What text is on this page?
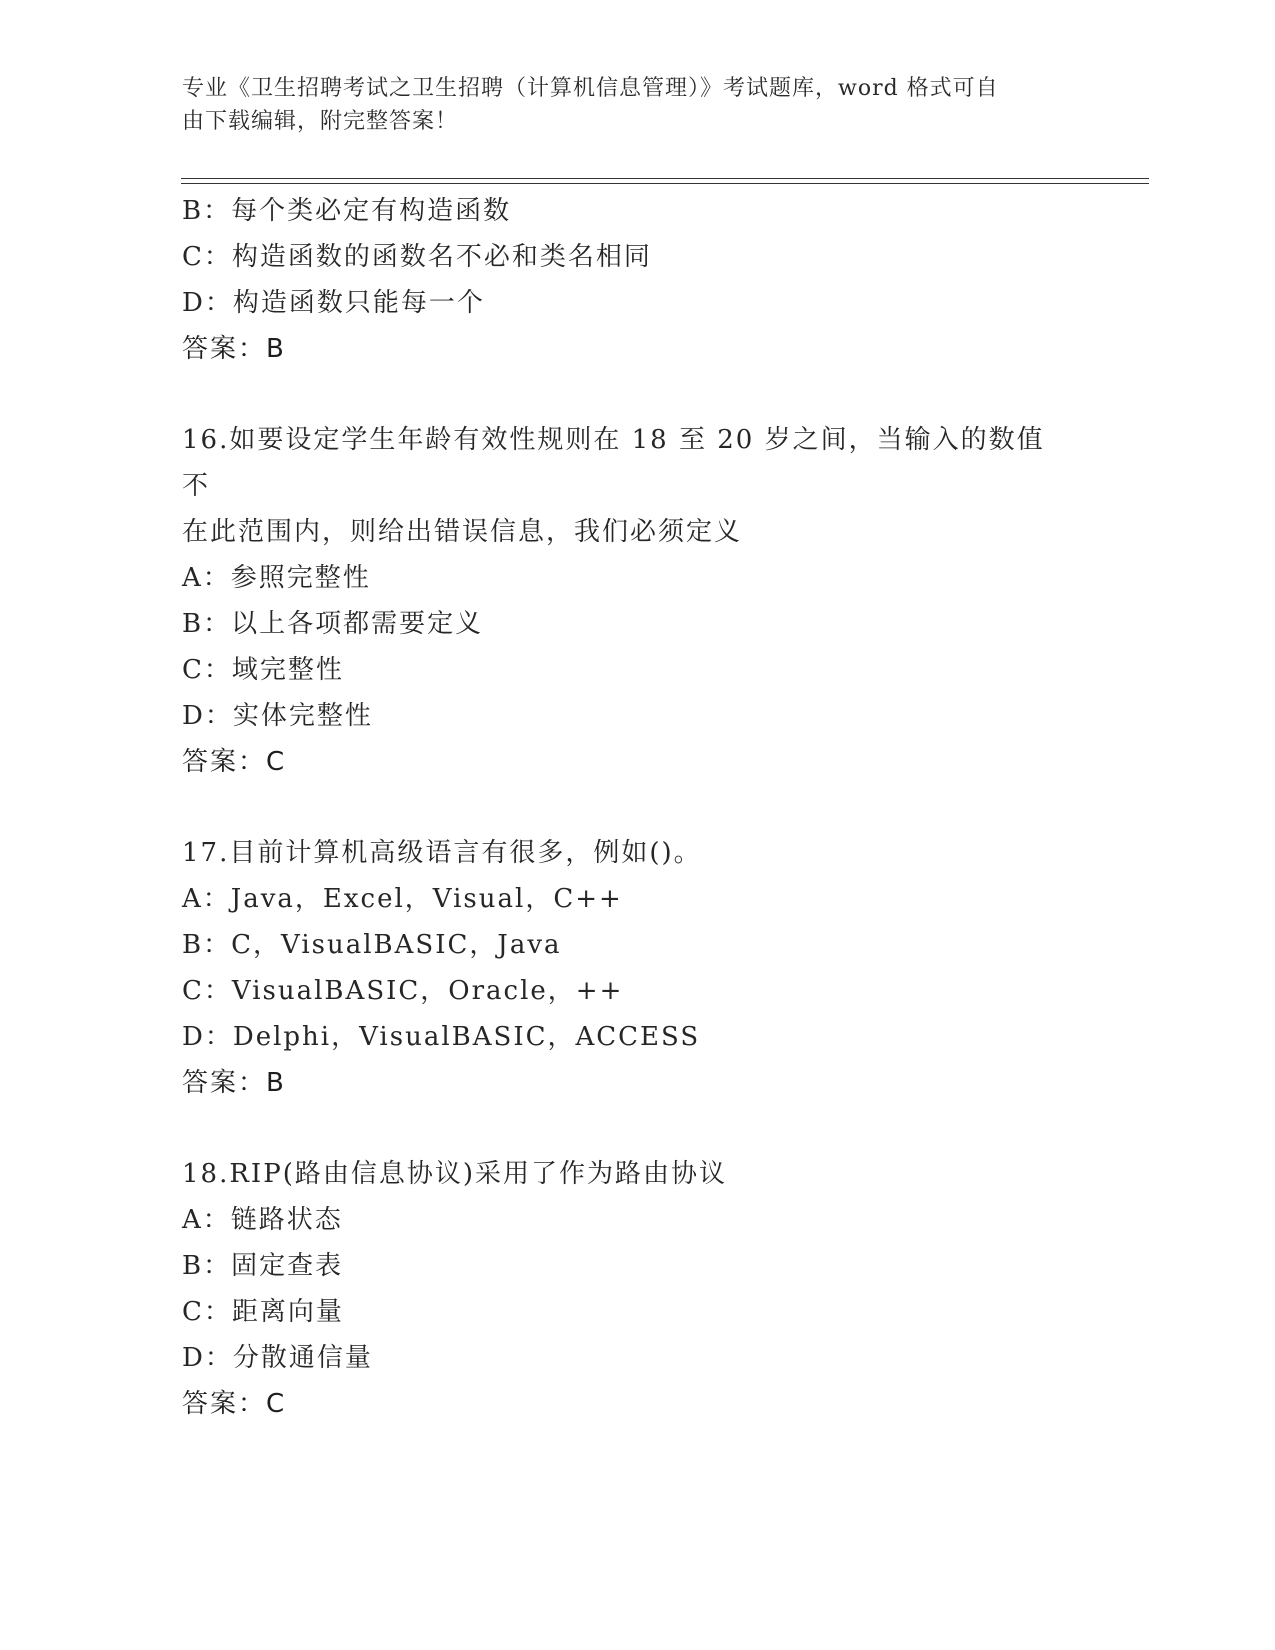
专业《卫生招聘考试之卫生招聘（计算机信息管理）》考试题库，word 格式可自
由下载编辑，附完整答案！
B：每个类必定有构造函数
C：构造函数的函数名不必和类名相同
D：构造函数只能每一个
答案：B
16.如要设定学生年龄有效性规则在 18 至 20 岁之间，当输入的数值不
在此范围内，则给出错误信息，我们必须定义
A：参照完整性
B：以上各项都需要定义
C：域完整性
D：实体完整性
答案：C
17.目前计算机高级语言有很多，例如()。
A：Java，Excel，Visual，C++
B：C，VisualBASIC，Java
C：VisualBASIC，Oracle，++
D：Delphi，VisualBASIC，ACCESS
答案：B
18.RIP(路由信息协议)采用了作为路由协议
A：链路状态
B：固定查表
C：距离向量
D：分散通信量
答案：C
